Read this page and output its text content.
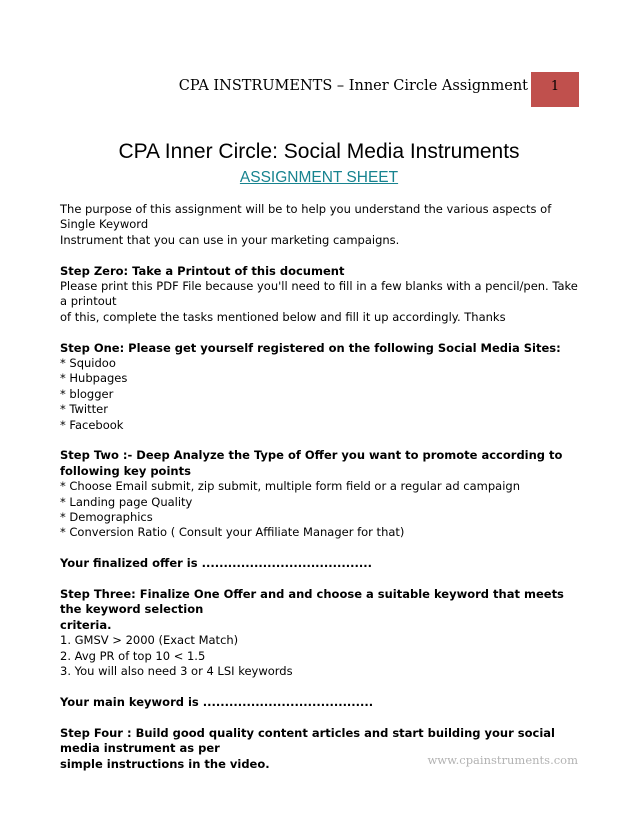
CPA INSTRUMENTS – Inner Circle Assignment	1
CPA Inner Circle: Social Media Instruments
ASSIGNMENT SHEET
The purpose of this assignment will be to help you understand the various aspects of Single Keyword
Instrument that you can use in your marketing campaigns.
Step Zero: Take a Printout of this document
Please print this PDF File because you'll need to fill in a few blanks with a pencil/pen. Take a printout
of this, complete the tasks mentioned below and fill it up accordingly. Thanks
Step One: Please get yourself registered on the following Social Media Sites:
* Squidoo
* Hubpages
* blogger
* Twitter
* Facebook
Step Two :- Deep Analyze the Type of Offer you want to promote according to following key points
* Choose Email submit, zip submit, multiple form field or a regular ad campaign
* Landing page Quality
* Demographics
* Conversion Ratio ( Consult your Affiliate Manager for that)
Your finalized offer is .......................................
Step Three: Finalize One Offer and and choose a suitable keyword that meets the keyword selection
criteria.
1. GMSV > 2000 (Exact Match)
2. Avg PR of top 10 < 1.5
3. You will also need 3 or 4 LSI keywords
Your main keyword is .......................................
Step Four : Build good quality content articles and start building your social media instrument as per
simple instructions in the video.	www.cpainstruments.com
